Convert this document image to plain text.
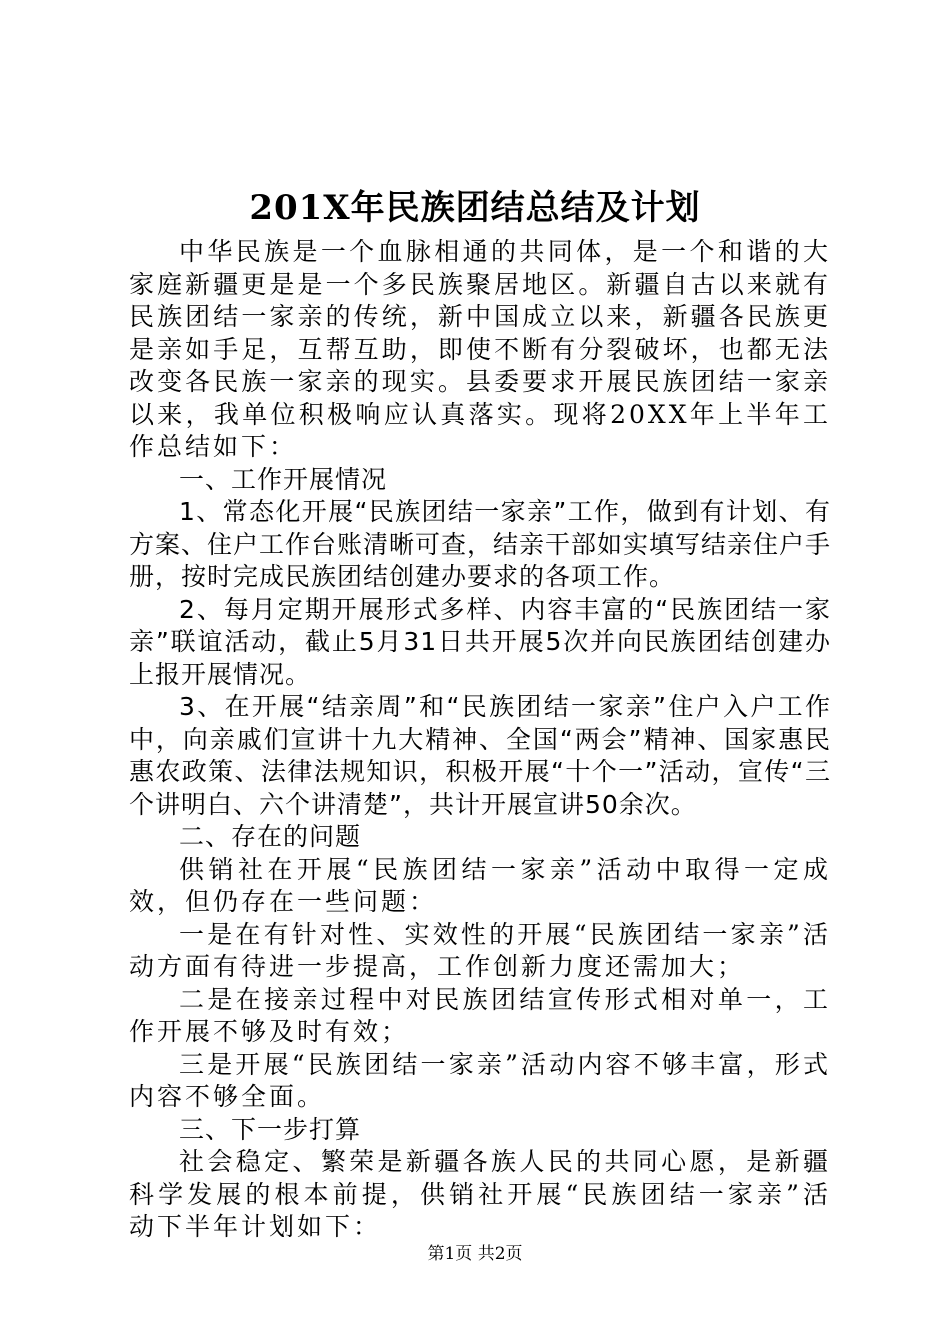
201X年民族团结总结及计划

中华民族是一个血脉相通的共同体，是一个和谐的大家庭新疆更是是一个多民族聚居地区。新疆自古以来就有民族团结一家亲的传统，新中国成立以来，新疆各民族更是亲如手足，互帮互助，即使不断有分裂破坏，也都无法改变各民族一家亲的现实。县委要求开展民族团结一家亲以来，我单位积极响应认真落实。现将20XX年上半年工作总结如下：

一、工作开展情况

1、常态化开展“民族团结一家亲”工作，做到有计划、有方案、住户工作台账清晰可查，结亲干部如实填写结亲住户手册，按时完成民族团结创建办要求的各项工作。

2、每月定期开展形式多样、内容丰富的“民族团结一家亲”联谊活动，截止5月31日共开展5次并向民族团结创建办上报开展情况。

3、在开展“结亲周”和“民族团结一家亲”住户入户工作中，向亲戚们宣讲十九大精神、全国“两会”精神、国家惠民惠农政策、法律法规知识，积极开展“十个一”活动，宣传“三个讲明白、六个讲清楚”，共计开展宣讲50余次。

二、存在的问题

供销社在开展“民族团结一家亲”活动中取得一定成效，但仍存在一些问题：

一是在有针对性、实效性的开展“民族团结一家亲”活动方面有待进一步提高，工作创新力度还需加大；

二是在接亲过程中对民族团结宣传形式相对单一，工作开展不够及时有效；

三是开展“民族团结一家亲”活动内容不够丰富，形式内容不够全面。

三、下一步打算

社会稳定、繁荣是新疆各族人民的共同心愿，是新疆科学发展的根本前提，供销社开展“民族团结一家亲”活动下半年计划如下：

第1页 共2页
